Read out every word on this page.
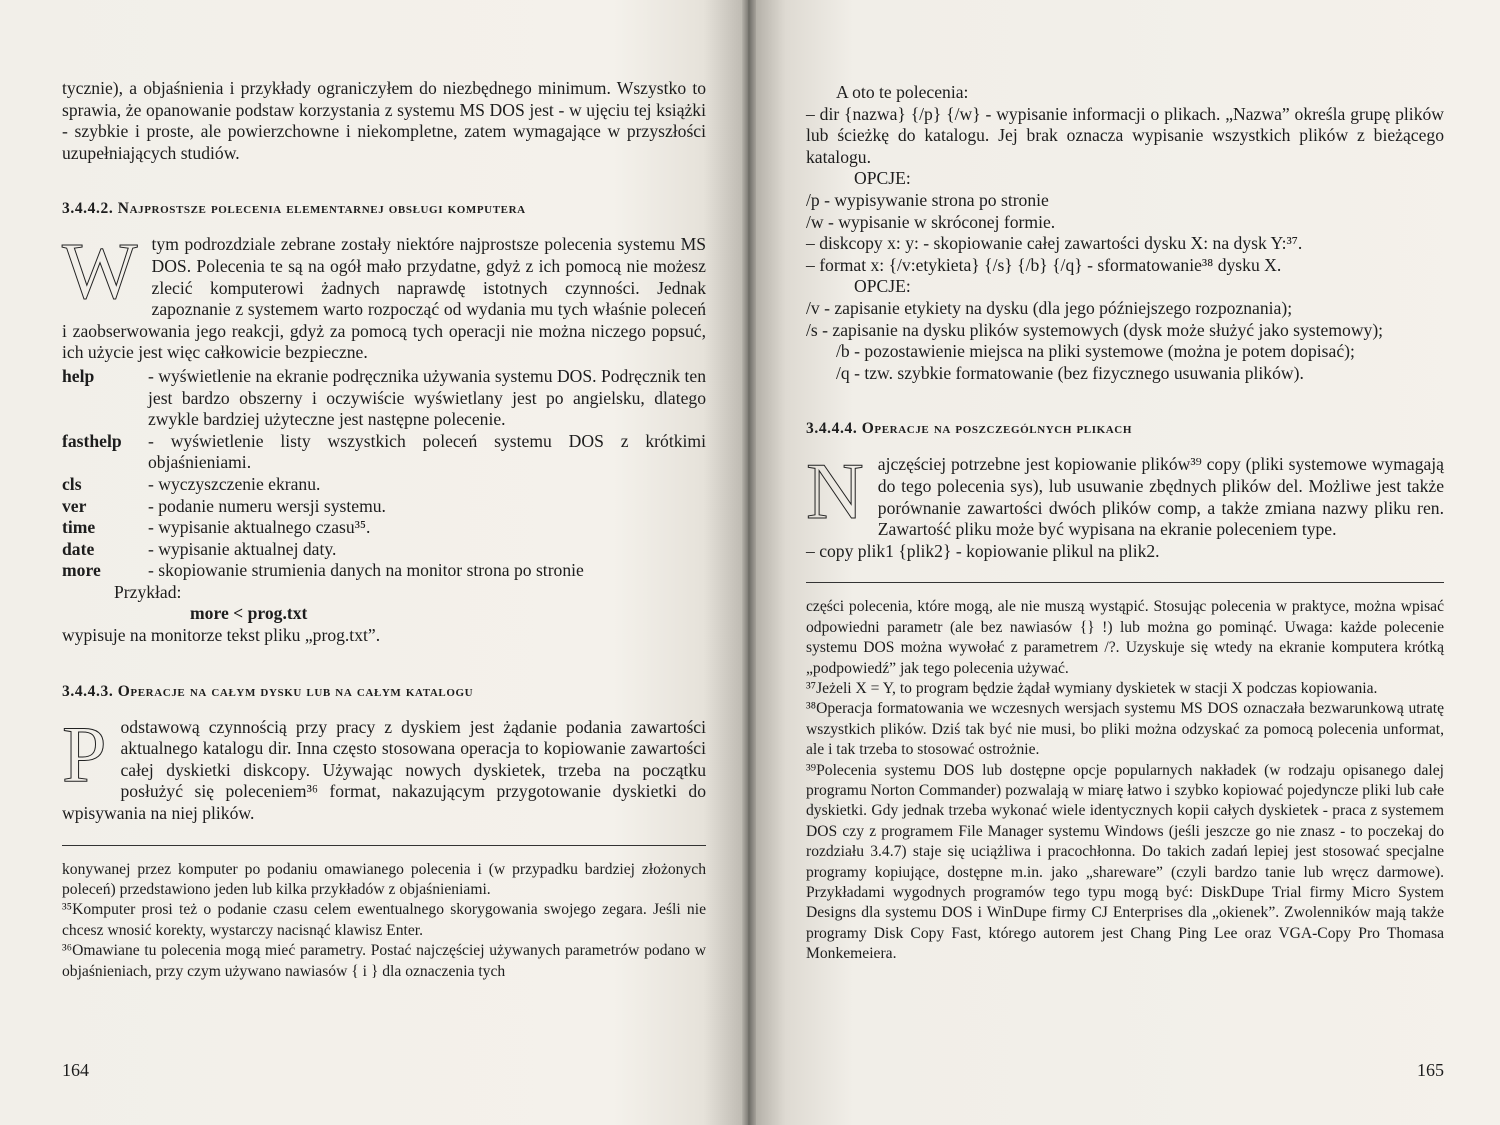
tycznie), a objaśnienia i przykłady ograniczyłem do niezbędnego minimum. Wszystko to sprawia, że opanowanie podstaw korzystania z systemu MS DOS jest - w ujęciu tej książki - szybkie i proste, ale powierzchowne i niekompletne, zatem wymagające w przyszłości uzupełniających studiów.

3.4.4.2. Najprostsze polecenia elementarnej obsługi komputera
W tym podrozdziale zebrane zostały niektóre najprostsze polecenia systemu MS DOS. Polecenia te są na ogół mało przydatne, gdyż z ich pomocą nie możesz zlecić komputerowi żadnych naprawdę istotnych czynności. Jednak zapoznanie z systemem warto rozpocząć od wydania mu tych właśnie poleceń i zaobserwowania jego reakcji, gdyż za pomocą tych operacji nie można niczego popsuć, ich użycie jest więc całkowicie bezpieczne.
help	- wyświetlenie na ekranie podręcznika używania systemu DOS. Podręcznik ten jest bardzo obszerny i oczywiście wyświetlany jest po angielsku, dlatego zwykle bardziej użyteczne jest następne polecenie.
fasthelp	- wyświetlenie listy wszystkich poleceń systemu DOS z krótkimi objaśnieniami.
cls	- wyczyszczenie ekranu.
ver	- podanie numeru wersji systemu.
time	- wypisanie aktualnego czasu³⁵.
date	- wypisanie aktualnej daty.
more	- skopiowanie strumienia danych na monitor strona po stronie
Przykład:
more < prog.txt

wypisuje na monitorze tekst pliku „prog.txt”.

3.4.4.3. Operacje na całym dysku lub na całym katalogu
P odstawową czynnością przy pracy z dyskiem jest żądanie podania zawartości aktualnego katalogu dir. Inna często stosowana operacja to kopiowanie zawartości całej dyskietki diskcopy. Używając nowych dyskietek, trzeba na początku posłużyć się poleceniem³⁶ format, nakazującym przygotowanie dyskietki do wpisywania na niej plików.

konywanej przez komputer po podaniu omawianego polecenia i (w przypadku bardziej złożonych poleceń) przedstawiono jeden lub kilka przykładów z objaśnieniami.

³⁵Komputer prosi też o podanie czasu celem ewentualnego skorygowania swojego zegara. Jeśli nie chcesz wnosić korekty, wystarczy nacisnąć klawisz Enter.

³⁶Omawiane tu polecenia mogą mieć parametry. Postać najczęściej używanych parametrów podano w objaśnieniach, przy czym używano nawiasów { i } dla oznaczenia tych

164

A oto te polecenia:

– dir {nazwa} {/p} {/w} - wypisanie informacji o plikach. „Nazwa” określa grupę plików lub ścieżkę do katalogu. Jej brak oznacza wypisanie wszystkich plików z bieżącego katalogu.

OPCJE:

/p - wypisywanie strona po stronie

/w - wypisanie w skróconej formie.

– diskcopy x: y: - skopiowanie całej zawartości dysku X: na dysk Y:³⁷.

– format x: {/v:etykieta} {/s} {/b} {/q} - sformatowanie³⁸ dysku X.

OPCJE:

/v - zapisanie etykiety na dysku (dla jego późniejszego rozpoznania);

/s - zapisanie na dysku plików systemowych (dysk może służyć jako systemowy);

/b - pozostawienie miejsca na pliki systemowe (można je potem dopisać);

/q - tzw. szybkie formatowanie (bez fizycznego usuwania plików).

3.4.4.4. Operacje na poszczególnych plikach
N ajczęściej potrzebne jest kopiowanie plików³⁹ copy (pliki systemowe wymagają do tego polecenia sys), lub usuwanie zbędnych plików del. Możliwe jest także porównanie zawartości dwóch plików comp, a także zmiana nazwy pliku ren. Zawartość pliku może być wypisana na ekranie poleceniem type.

– copy plik1 {plik2} - kopiowanie plikul na plik2.

części polecenia, które mogą, ale nie muszą wystąpić. Stosując polecenia w praktyce, można wpisać odpowiedni parametr (ale bez nawiasów {} !) lub można go pominąć. Uwaga: każde polecenie systemu DOS można wywołać z parametrem /?. Uzyskuje się wtedy na ekranie komputera krótką „podpowiedź” jak tego polecenia używać.

³⁷Jeżeli X = Y, to program będzie żądał wymiany dyskietek w stacji X podczas kopiowania.

³⁸Operacja formatowania we wczesnych wersjach systemu MS DOS oznaczała bezwarunkową utratę wszystkich plików. Dziś tak być nie musi, bo pliki można odzyskać za pomocą polecenia unformat, ale i tak trzeba to stosować ostrożnie.

³⁹Polecenia systemu DOS lub dostępne opcje popularnych nakładek (w rodzaju opisanego dalej programu Norton Commander) pozwalają w miarę łatwo i szybko kopiować pojedyncze pliki lub całe dyskietki. Gdy jednak trzeba wykonać wiele identycznych kopii całych dyskietek - praca z systemem DOS czy z programem File Manager systemu Windows (jeśli jeszcze go nie znasz - to poczekaj do rozdziału 3.4.7) staje się uciążliwa i pracochłonna. Do takich zadań lepiej jest stosować specjalne programy kopiujące, dostępne m.in. jako „shareware” (czyli bardzo tanie lub wręcz darmowe). Przykładami wygodnych programów tego typu mogą być: DiskDupe Trial firmy Micro System Designs dla systemu DOS i WinDupe firmy CJ Enterprises dla „okienek”. Zwolenników mają także programy Disk Copy Fast, którego autorem jest Chang Ping Lee oraz VGA-Copy Pro Thomasa Monkemeiera.

165
